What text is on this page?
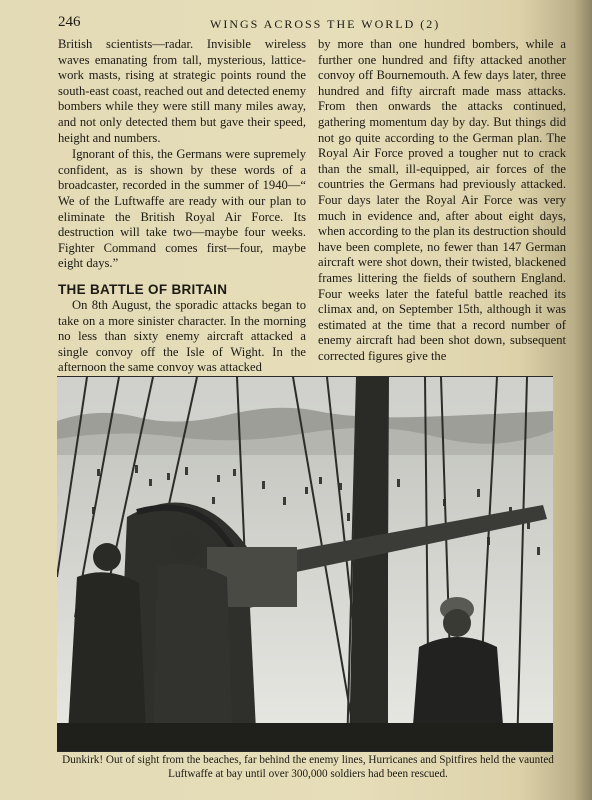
246	WINGS ACROSS THE WORLD (2)

British scientists—radar. Invisible wireless waves emanating from tall, mysterious, lattice-work masts, rising at strategic points round the south-east coast, reached out and detected enemy bombers while they were still many miles away, and not only detected them but gave their speed, height and numbers.

Ignorant of this, the Germans were supremely confident, as is shown by these words of a broadcaster, recorded in the summer of 1940—“ We of the Luftwaffe are ready with our plan to eliminate the British Royal Air Force. Its destruction will take two—maybe four weeks. Fighter Command comes first—four, maybe eight days.”

THE BATTLE OF BRITAIN

On 8th August, the sporadic attacks began to take on a more sinister character. In the morning no less than sixty enemy aircraft attacked a single convoy off the Isle of Wight. In the afternoon the same convoy was attacked

by more than one hundred bombers, while a further one hundred and fifty attacked another convoy off Bournemouth. A few days later, three hundred and fifty aircraft made mass attacks. From then onwards the attacks continued, gathering momentum day by day. But things did not go quite according to the German plan. The Royal Air Force proved a tougher nut to crack than the small, ill-equipped, air forces of the countries the Germans had previously attacked. Four days later the Royal Air Force was very much in evidence and, after about eight days, when according to the plan its destruction should have been complete, no fewer than 147 German aircraft were shot down, their twisted, blackened frames littering the fields of southern England. Four weeks later the fateful battle reached its climax and, on September 15th, although it was estimated at the time that a record number of enemy aircraft had been shot down, subsequent corrected figures give the

Dunkirk! Out of sight from the beaches, far behind the enemy lines, Hurricanes and Spitfires held the vaunted Luftwaffe at bay until over 300,000 soldiers had been rescued.
